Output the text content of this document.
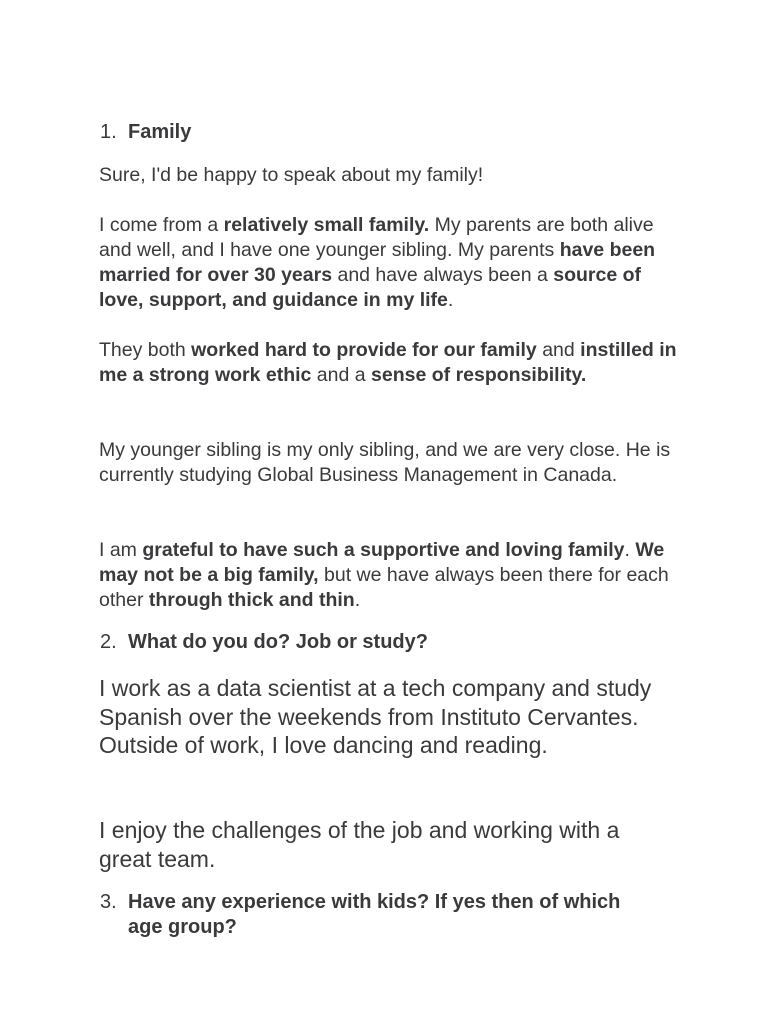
1. Family

Sure, I'd be happy to speak about my family!

I come from a relatively small family. My parents are both alive and well, and I have one younger sibling. My parents have been married for over 30 years and have always been a source of love, support, and guidance in my life.

They both worked hard to provide for our family and instilled in me a strong work ethic and a sense of responsibility.

My younger sibling is my only sibling, and we are very close. He is currently studying Global Business Management in Canada.

I am grateful to have such a supportive and loving family. We may not be a big family, but we have always been there for each other through thick and thin.

2. What do you do? Job or study?

I work as a data scientist at a tech company and study Spanish over the weekends from Instituto Cervantes. Outside of work, I love dancing and reading.

I enjoy the challenges of the job and working with a great team.

3. Have any experience with kids? If yes then of which age group?
